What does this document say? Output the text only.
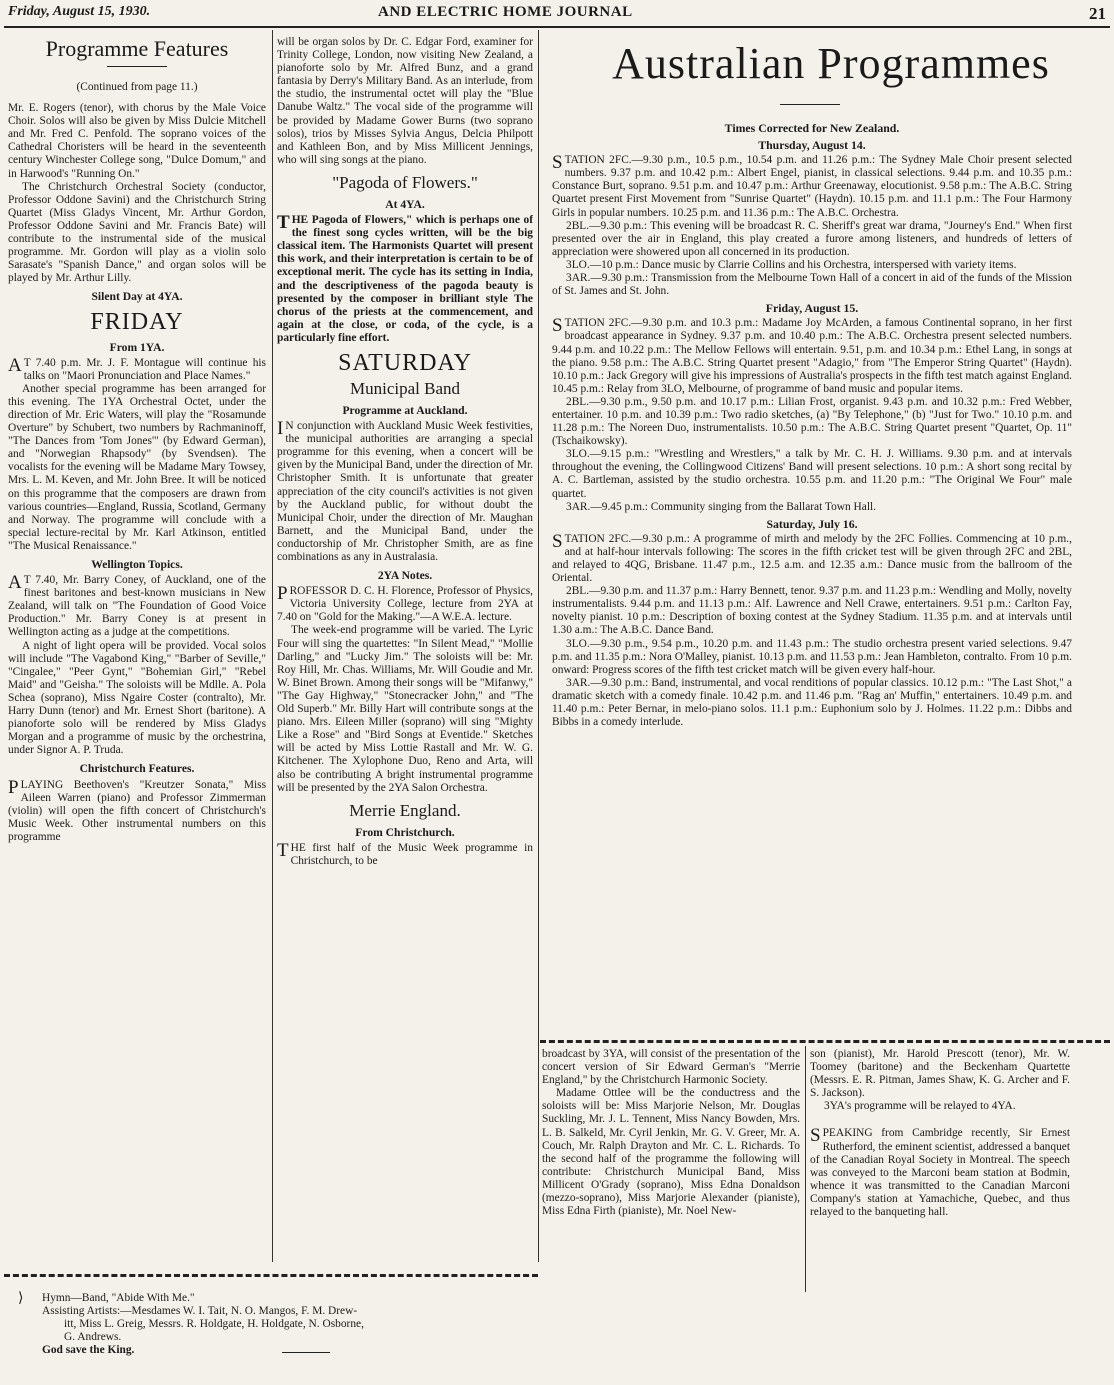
Friday, August 15, 1930.	AND ELECTRIC HOME JOURNAL	21
Programme Features
(Continued from page 11.)

Mr. E. Rogers (tenor), with chorus by the Male Voice Choir. Solos will also be given by Miss Dulcie Mitchell and Mr. Fred C. Penfold. The soprano voices of the Cathedral Choristers will be heard in the seventeenth century Winchester College song, "Dulce Domum," and in Harwood's "Running On."

The Christchurch Orchestral Society (conductor, Professor Oddone Savini) and the Christchurch String Quartet (Miss Gladys Vincent, Mr. Arthur Gordon, Professor Oddone Savini and Mr. Francis Bate) will contribute to the instrumental side of the musical programme. Mr. Gordon will play as a violin solo Sarasate's "Spanish Dance," and organ solos will be played by Mr. Arthur Lilly.

Silent Day at 4YA.
FRIDAY
From 1YA.

A T 7.40 p.m. Mr. J. F. Montague will continue his talks on "Maori Pronunciation and Place Names."

Another special programme has been arranged for this evening. The 1YA Orchestral Octet, under the direction of Mr. Eric Waters, will play the "Rosamunde Overture" by Schubert, two numbers by Rachmaninoff, "The Dances from 'Tom Jones'" (by Edward German), and "Norwegian Rhapsody" (by Svendsen). The vocalists for the evening will be Madame Mary Towsey, Mrs. L. M. Keven, and Mr. John Bree. It will be noticed on this programme that the composers are drawn from various countries—England, Russia, Scotland, Germany and Norway. The programme will conclude with a special lecture-recital by Mr. Karl Atkinson, entitled "The Musical Renaissance."

Wellington Topics.

A T 7.40, Mr. Barry Coney, of Auckland, one of the finest baritones and best-known musicians in New Zealand, will talk on "The Foundation of Good Voice Production." Mr. Barry Coney is at present in Wellington acting as a judge at the competitions.

A night of light opera will be provided. Vocal solos will include "The Vagabond King," "Barber of Seville," "Cingalee," "Peer Gynt," "Bohemian Girl," "Rebel Maid" and "Geisha." The soloists will be Mdlle. A. Pola Schea (soprano), Miss Ngaire Coster (contralto), Mr. Harry Dunn (tenor) and Mr. Ernest Short (baritone). A pianoforte solo will be rendered by Miss Gladys Morgan and a programme of music by the orchestrina, under Signor A. P. Truda.

Christchurch Features.

PLAYING Beethoven's "Kreutzer Sonata," Miss Aileen Warren (piano) and Professor Zimmerman (violin) will open the fifth concert of Christchurch's Music Week. Other instrumental numbers on this programme

will be organ solos by Dr. C. Edgar Ford, examiner for Trinity College, London, now visiting New Zealand, a pianoforte solo by Mr. Alfred Bunz, and a grand fantasia by Derry's Military Band. As an interlude, from the studio, the instrumental octet will play the "Blue Danube Waltz." The vocal side of the programme will be provided by Madame Gower Burns (two soprano solos), trios by Misses Sylvia Angus, Delcia Philpott and Kathleen Bon, and by Miss Millicent Jennings, who will sing songs at the piano.

"Pagoda of Flowers."
At 4YA.

THE Pagoda of Flowers," which is perhaps one of the finest song cycles written, will be the big classical item. The Harmonists Quartet will present this work, and their interpretation is certain to be of exceptional merit. The cycle has its setting in India, and the descriptiveness of the pagoda beauty is presented by the composer in brilliant style The chorus of the priests at the commencement, and again at the close, or coda, of the cycle, is a particularly fine effort.

SATURDAY
Municipal Band
Programme at Auckland.

I N conjunction with Auckland Music Week festivities, the municipal authorities are arranging a special programme for this evening, when a concert will be given by the Municipal Band, under the direction of Mr. Christopher Smith. It is unfortunate that greater appreciation of the city council's activities is not given by the Auckland public, for without doubt the Municipal Choir, under the direction of Mr. Maughan Barnett, and the Municipal Band, under the conductorship of Mr. Christopher Smith, are as fine combinations as any in Australasia.

2YA Notes.

PROFESSOR D. C. H. Florence, Professor of Physics, Victoria University College, lecture from 2YA at 7.40 on "Gold for the Making."—A W.E.A. lecture.

The week-end programme will be varied. The Lyric Four will sing the quartettes: "In Silent Mead," "Mollie Darling," and "Lucky Jim." The soloists will be: Mr. Roy Hill, Mr. Chas. Williams, Mr. Will Goudie and Mr. W. Binet Brown. Among their songs will be "Mifanwy," "The Gay Highway," "Stonecracker John," and "The Old Superb." Mr. Billy Hart will contribute songs at the piano. Mrs. Eileen Miller (soprano) will sing "Mighty Like a Rose" and "Bird Songs at Eventide." Sketches will be acted by Miss Lottie Rastall and Mr. W. G. Kitchener. The Xylophone Duo, Reno and Arta, will also be contributing A bright instrumental programme will be presented by the 2YA Salon Orchestra.

Merrie England.
From Christchurch.

THE first half of the Music Week programme in Christchurch, to be

Australian Programmes
Times Corrected for New Zealand.
Thursday, August 14.

STATION 2FC.—9.30 p.m., 10.5 p.m., 10.54 p.m. and 11.26 p.m.: The Sydney Male Choir present selected numbers. 9.37 p.m. and 10.42 p.m.: Albert Engel, pianist, in classical selections. 9.44 p.m. and 10.35 p.m.: Constance Burt, soprano. 9.51 p.m. and 10.47 p.m.: Arthur Greenaway, elocutionist. 9.58 p.m.: The A.B.C. String Quartet present First Movement from "Sunrise Quartet" (Haydn). 10.15 p.m. and 11.1 p.m.: The Four Harmony Girls in popular numbers. 10.25 p.m. and 11.36 p.m.: The A.B.C. Orchestra.

2BL.—9.30 p.m.: This evening will be broadcast R. C. Sheriff's great war drama, "Journey's End." When first presented over the air in England, this play created a furore among listeners, and hundreds of letters of appreciation were showered upon all concerned in its production.

3LO.—10 p.m.: Dance music by Clarrie Collins and his Orchestra, interspersed with variety items.

3AR.—9.30 p.m.: Transmission from the Melbourne Town Hall of a concert in aid of the funds of the Mission of St. James and St. John.

Friday, August 15.

STATION 2FC.—9.30 p.m. and 10.3 p.m.: Madame Joy McArden, a famous Continental soprano, in her first broadcast appearance in Sydney. 9.37 p.m. and 10.40 p.m.: The A.B.C. Orchestra present selected numbers. 9.44 p.m. and 10.22 p.m.: The Mellow Fellows will entertain. 9.51, p.m. and 10.34 p.m.: Ethel Lang, in songs at the piano. 9.58 p.m.: The A.B.C. String Quartet present "Adagio," from "The Emperor String Quartet" (Haydn). 10.10 p.m.: Jack Gregory will give his impressions of Australia's prospects in the fifth test match against England. 10.45 p.m.: Relay from 3LO, Melbourne, of programme of band music and popular items.

2BL.—9.30 p.m., 9.50 p.m. and 10.17 p.m.: Lilian Frost, organist. 9.43 p.m. and 10.32 p.m.: Fred Webber, entertainer. 10 p.m. and 10.39 p.m.: Two radio sketches, (a) "By Telephone," (b) "Just for Two." 10.10 p.m. and 11.28 p.m.: The Noreen Duo, instrumentalists. 10.50 p.m.: The A.B.C. String Quartet present "Quartet, Op. 11" (Tschaikowsky).

3LO.—9.15 p.m.: "Wrestling and Wrestlers," a talk by Mr. C. H. J. Williams. 9.30 p.m. and at intervals throughout the evening, the Collingwood Citizens' Band will present selections. 10 p.m.: A short song recital by A. C. Bartleman, assisted by the studio orchestra. 10.55 p.m. and 11.20 p.m.: "The Original We Four" male quartet.

3AR.—9.45 p.m.: Community singing from the Ballarat Town Hall.

Saturday, July 16.

STATION 2FC.—9.30 p.m.: A programme of mirth and melody by the 2FC Follies. Commencing at 10 p.m., and at half-hour intervals following: The scores in the fifth cricket test will be given through 2FC and 2BL, and relayed to 4QG, Brisbane. 11.47 p.m., 12.5 a.m. and 12.35 a.m.: Dance music from the ballroom of the Oriental.

2BL.—9.30 p.m. and 11.37 p.m.: Harry Bennett, tenor. 9.37 p.m. and 11.23 p.m.: Wendling and Molly, novelty instrumentalists. 9.44 p.m. and 11.13 p.m.: Alf. Lawrence and Nell Crawe, entertainers. 9.51 p.m.: Carlton Fay, novelty pianist. 10 p.m.: Description of boxing contest at the Sydney Stadium. 11.35 p.m. and at intervals until 1.30 a.m.: The A.B.C. Dance Band.

3LO.—9.30 p.m., 9.54 p.m., 10.20 p.m. and 11.43 p.m.: The studio orchestra present varied selections. 9.47 p.m. and 11.35 p.m.: Nora O'Malley, pianist. 10.13 p.m. and 11.53 p.m.: Jean Hambleton, contralto. From 10 p.m. onward: Progress scores of the fifth test cricket match will be given every half-hour.

3AR.—9.30 p.m.: Band, instrumental, and vocal renditions of popular classics. 10.12 p.m.: "The Last Shot," a dramatic sketch with a comedy finale. 10.42 p.m. and 11.46 p.m. "Rag an' Muffin," entertainers. 10.49 p.m. and 11.40 p.m.: Peter Bernar, in melo-piano solos. 11.1 p.m.: Euphonium solo by J. Holmes. 11.22 p.m.: Dibbs and Bibbs in a comedy interlude.

broadcast by 3YA, will consist of the presentation of the concert version of Sir Edward German's "Merrie England," by the Christchurch Harmonic Society.

Madame Ottlee will be the conductress and the soloists will be: Miss Marjorie Nelson, Mr. Douglas Suckling, Mr. J. L. Tennent, Miss Nancy Bowden, Mrs. L. B. Salkeld, Mr. Cyril Jenkin, Mr. G. V. Greer, Mr. A. Couch, Mr. Ralph Drayton and Mr. C. L. Richards. To the second half of the programme the following will contribute: Christchurch Municipal Band, Miss Millicent O'Grady (soprano), Miss Edna Donaldson (mezzo-soprano), Miss Marjorie Alexander (pianiste), Miss Edna Firth (pianiste), Mr. Noel New-

son (pianist), Mr. Harold Prescott (tenor), Mr. W. Toomey (baritone) and the Beckenham Quartette (Messrs. E. R. Pitman, James Shaw, K. G. Archer and F. S. Jackson).

3YA's programme will be relayed to 4YA.

SPEAKING from Cambridge recently, Sir Ernest Rutherford, the eminent scientist, addressed a banquet of the Canadian Royal Society in Montreal. The speech was conveyed to the Marconi beam station at Bodmin, whence it was transmitted to the Canadian Marconi Company's station at Yamachiche, Quebec, and thus relayed to the banqueting hall.

⟩	Hymn—Band, "Abide With Me."
Assisting Artists:—Mesdames W. I. Tait, N. O. Mangos, F. M. Drew-
itt, Miss L. Greig, Messrs. R. Holdgate, H. Holdgate, N. Osborne,
G. Andrews.
God save the King.
